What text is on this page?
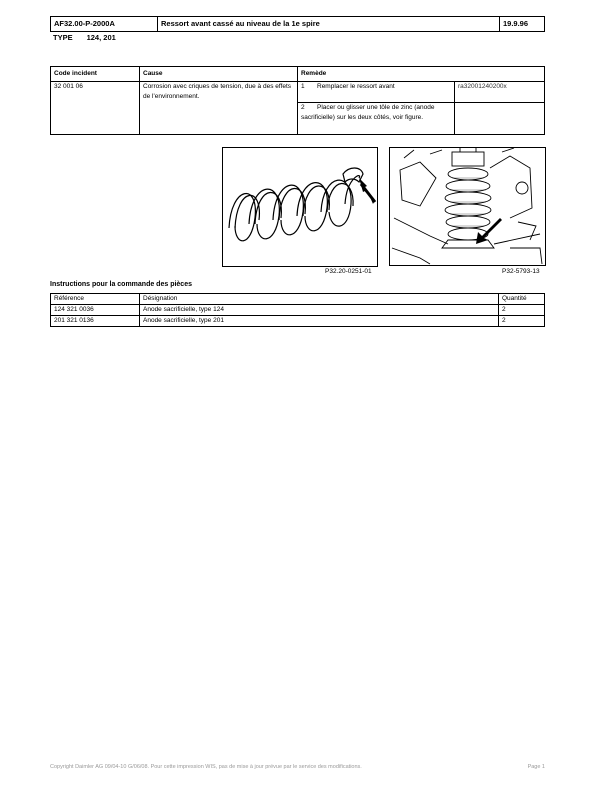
AF32.00-P-2000A	Ressort avant cassé au niveau de la 1e spire	19.9.96
TYPE 124, 201
Code incident	Cause	Remède	
32 001 06	Corrosion avec criques de tension, due à des effets de l'environnement.	1 Remplacer le ressort avant	ra32001240200x
		2 Placer ou glisser une tôle de zinc (anode sacrificielle) sur les deux côtés, voir figure.	
P32.20-0251-01	P32-5793-13
Instructions pour la commande des pièces
Référence	Désignation	Quantité
124 321 0036	Anode sacrificielle, type 124	2
201 321 0136	Anode sacrificielle, type 201	2
Copyright Daimler AG 09/04-10 G/06/08. Pour cette impression WIS, pas de mise à jour prévue par le service des modifications.	Page 1
